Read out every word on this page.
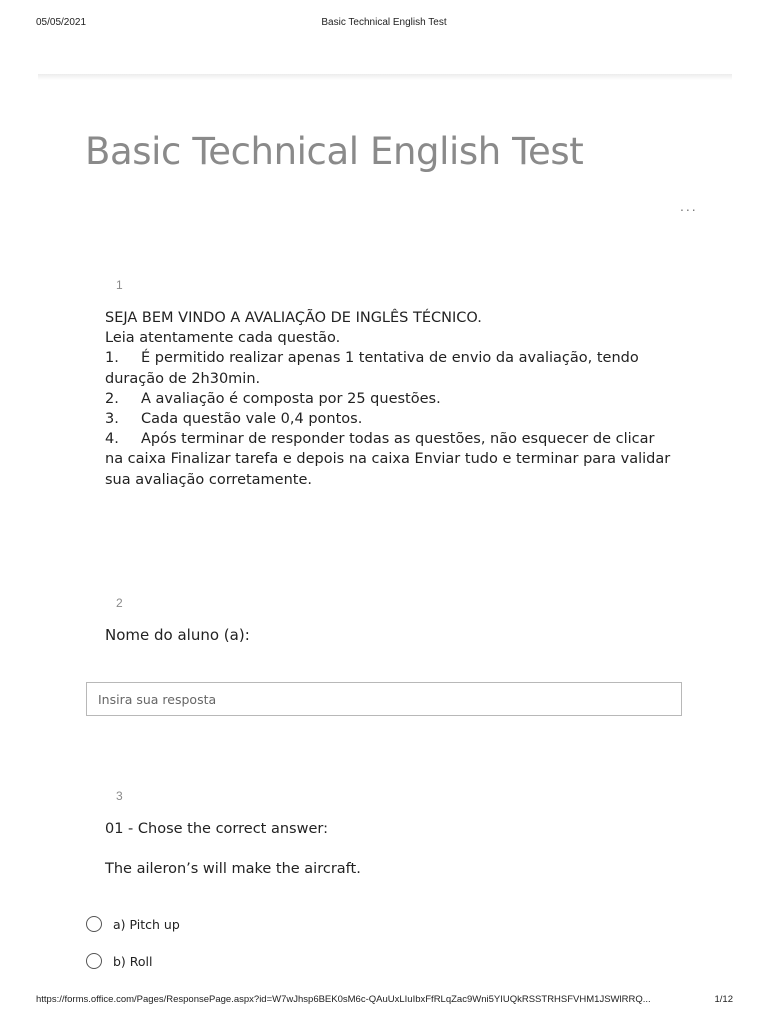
05/05/2021	Basic Technical English Test
Basic Technical English Test
...
1

SEJA BEM VINDO A AVALIAÇÃO DE INGLÊS TÉCNICO.

Leia atentamente cada questão.

1. É permitido realizar apenas 1 tentativa de envio da avaliação, tendo duração de 2h30min.

2. A avaliação é composta por 25 questões.

3. Cada questão vale 0,4 pontos.

4. Após terminar de responder todas as questões, não esquecer de clicar na caixa Finalizar tarefa e depois na caixa Enviar tudo e terminar para validar sua avaliação corretamente.

2
Nome do aluno (a):
Insira sua resposta
3
01 - Chose the correct answer:
The aileron’s will make the aircraft.
a) Pitch up
b) Roll
https://forms.office.com/Pages/ResponsePage.aspx?id=W7wJhsp6BEK0sM6c-QAuUxLIuIbxFfRLqZac9Wni5YIUQkRSSTRHSFVHM1JSWlRRQ...	1/12
